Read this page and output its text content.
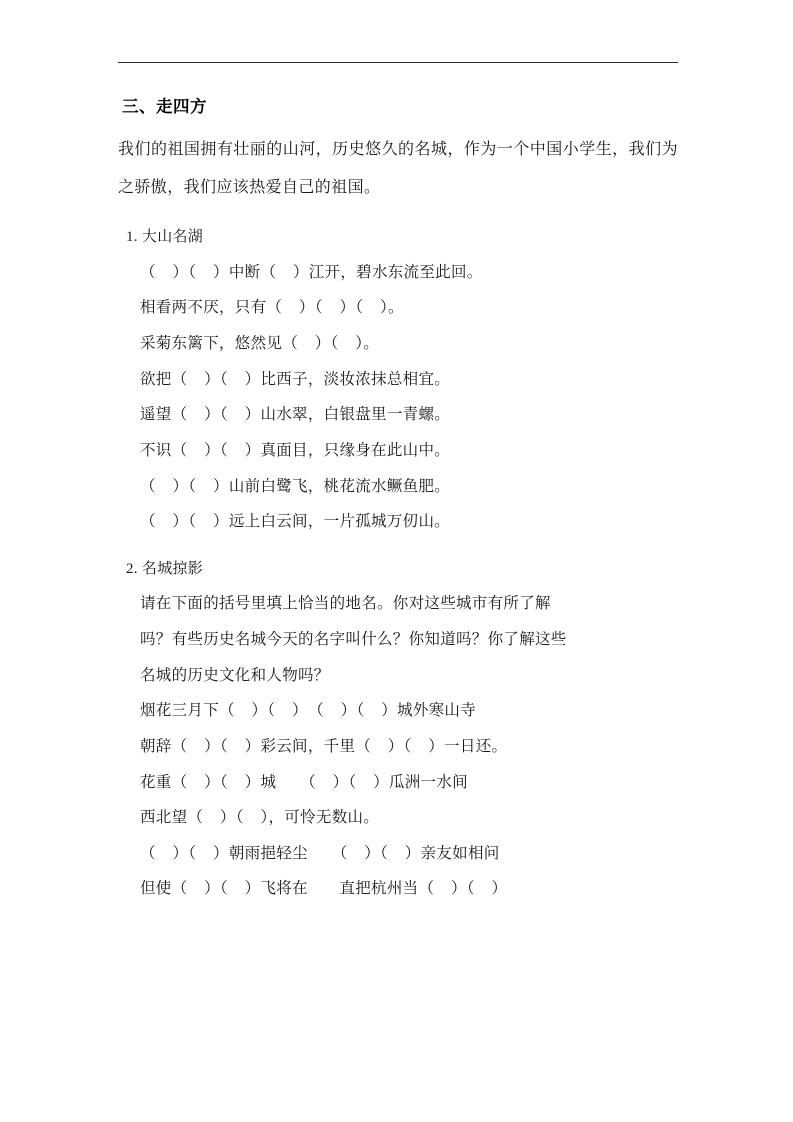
三、走四方

我们的祖国拥有壮丽的山河，历史悠久的名城，作为一个中国小学生，我们为之骄傲，我们应该热爱自己的祖国。

1. 大山名湖

（    ）（    ）中断（    ）江开，碧水东流至此回。

相看两不厌，只有（    ）（    ）（    ）。

采菊东篱下，悠然见（    ）（    ）。

欲把（    ）（    ）比西子，淡妆浓抹总相宜。

遥望（    ）（    ）山水翠，白银盘里一青螺。

不识（    ）（    ）真面目，只缘身在此山中。

（    ）（    ）山前白鹭飞，桃花流水鳜鱼肥。

（    ）（    ）远上白云间，一片孤城万仞山。

2. 名城掠影

请在下面的括号里填上恰当的地名。你对这些城市有所了解

吗？有些历史名城今天的名字叫什么？你知道吗？你了解这些

名城的历史文化和人物吗？

烟花三月下（    ）（    ）　（    ）（    ）城外寒山寺

朝辞（    ）（    ）彩云间，千里（    ）（    ）一日还。

花重（    ）（    ）城　　（    ）（    ）瓜洲一水间

西北望（    ）（    ），可怜无数山。

（    ）（    ）朝雨挹轻尘　　（    ）（    ）亲友如相问

但使（    ）（    ）飞将在　　直把杭州当（    ）（    ）
